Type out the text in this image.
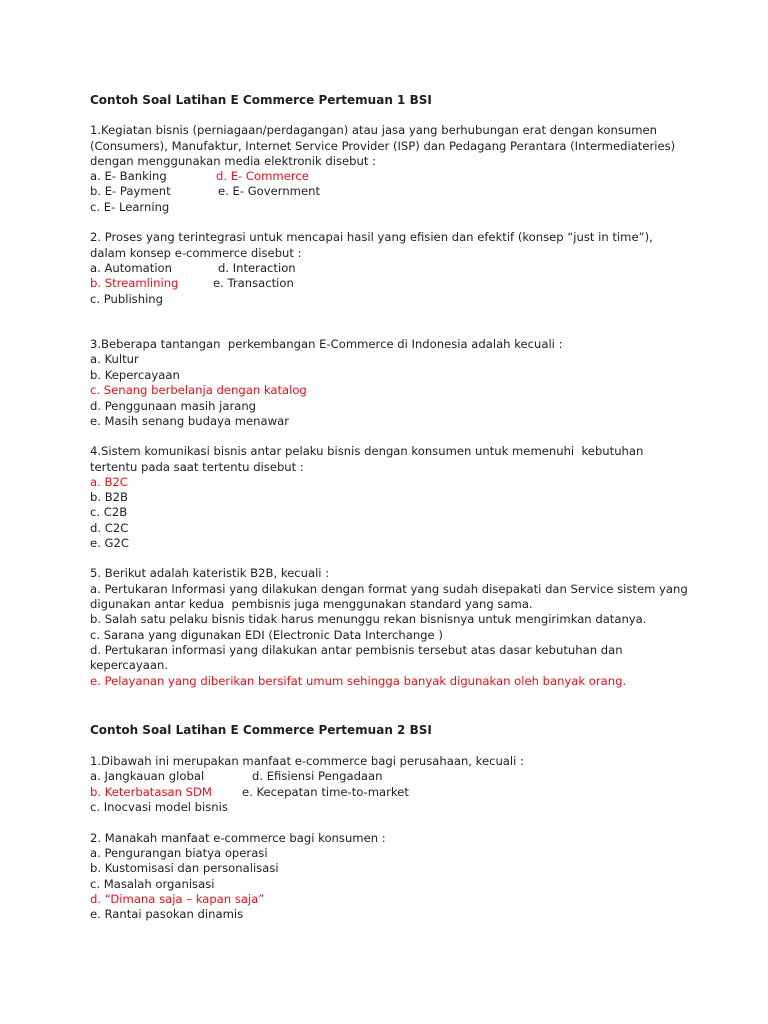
Contoh Soal Latihan E Commerce Pertemuan 1 BSI
1.Kegiatan bisnis (perniagaan/perdagangan) atau jasa yang berhubungan erat dengan konsumen
(Consumers), Manufaktur, Internet Service Provider (ISP) dan Pedagang Perantara (Intermediateries)
dengan menggunakan media elektronik disebut :
a. E- Banking	d. E- Commerce
b. E- Payment	e. E- Government
c. E- Learning
2. Proses yang terintegrasi untuk mencapai hasil yang efisien dan efektif (konsep “just in time”),
dalam konsep e-commerce disebut :
a. Automation	d. Interaction
b. Streamlining	e. Transaction
c. Publishing
3.Beberapa tantangan  perkembangan E-Commerce di Indonesia adalah kecuali :
a. Kultur
b. Kepercayaan
c. Senang berbelanja dengan katalog
d. Penggunaan masih jarang
e. Masih senang budaya menawar
4.Sistem komunikasi bisnis antar pelaku bisnis dengan konsumen untuk memenuhi  kebutuhan
tertentu pada saat tertentu disebut :
a. B2C
b. B2B
c. C2B
d. C2C
e. G2C
5. Berikut adalah kateristik B2B, kecuali :
a. Pertukaran Informasi yang dilakukan dengan format yang sudah disepakati dan Service sistem yang
digunakan antar kedua  pembisnis juga menggunakan standard yang sama.
b. Salah satu pelaku bisnis tidak harus menunggu rekan bisnisnya untuk mengirimkan datanya.
c. Sarana yang digunakan EDI (Electronic Data Interchange )
d. Pertukaran informasi yang dilakukan antar pembisnis tersebut atas dasar kebutuhan dan
kepercayaan.
e. Pelayanan yang diberikan bersifat umum sehingga banyak digunakan oleh banyak orang.
Contoh Soal Latihan E Commerce Pertemuan 2 BSI
1.Dibawah ini merupakan manfaat e-commerce bagi perusahaan, kecuali :
a. Jangkauan global	d. Efisiensi Pengadaan
b. Keterbatasan SDM	e. Kecepatan time-to-market
c. Inocvasi model bisnis
2. Manakah manfaat e-commerce bagi konsumen :
a. Pengurangan biatya operasi
b. Kustomisasi dan personalisasi
c. Masalah organisasi
d. “Dimana saja – kapan saja”
e. Rantai pasokan dinamis
